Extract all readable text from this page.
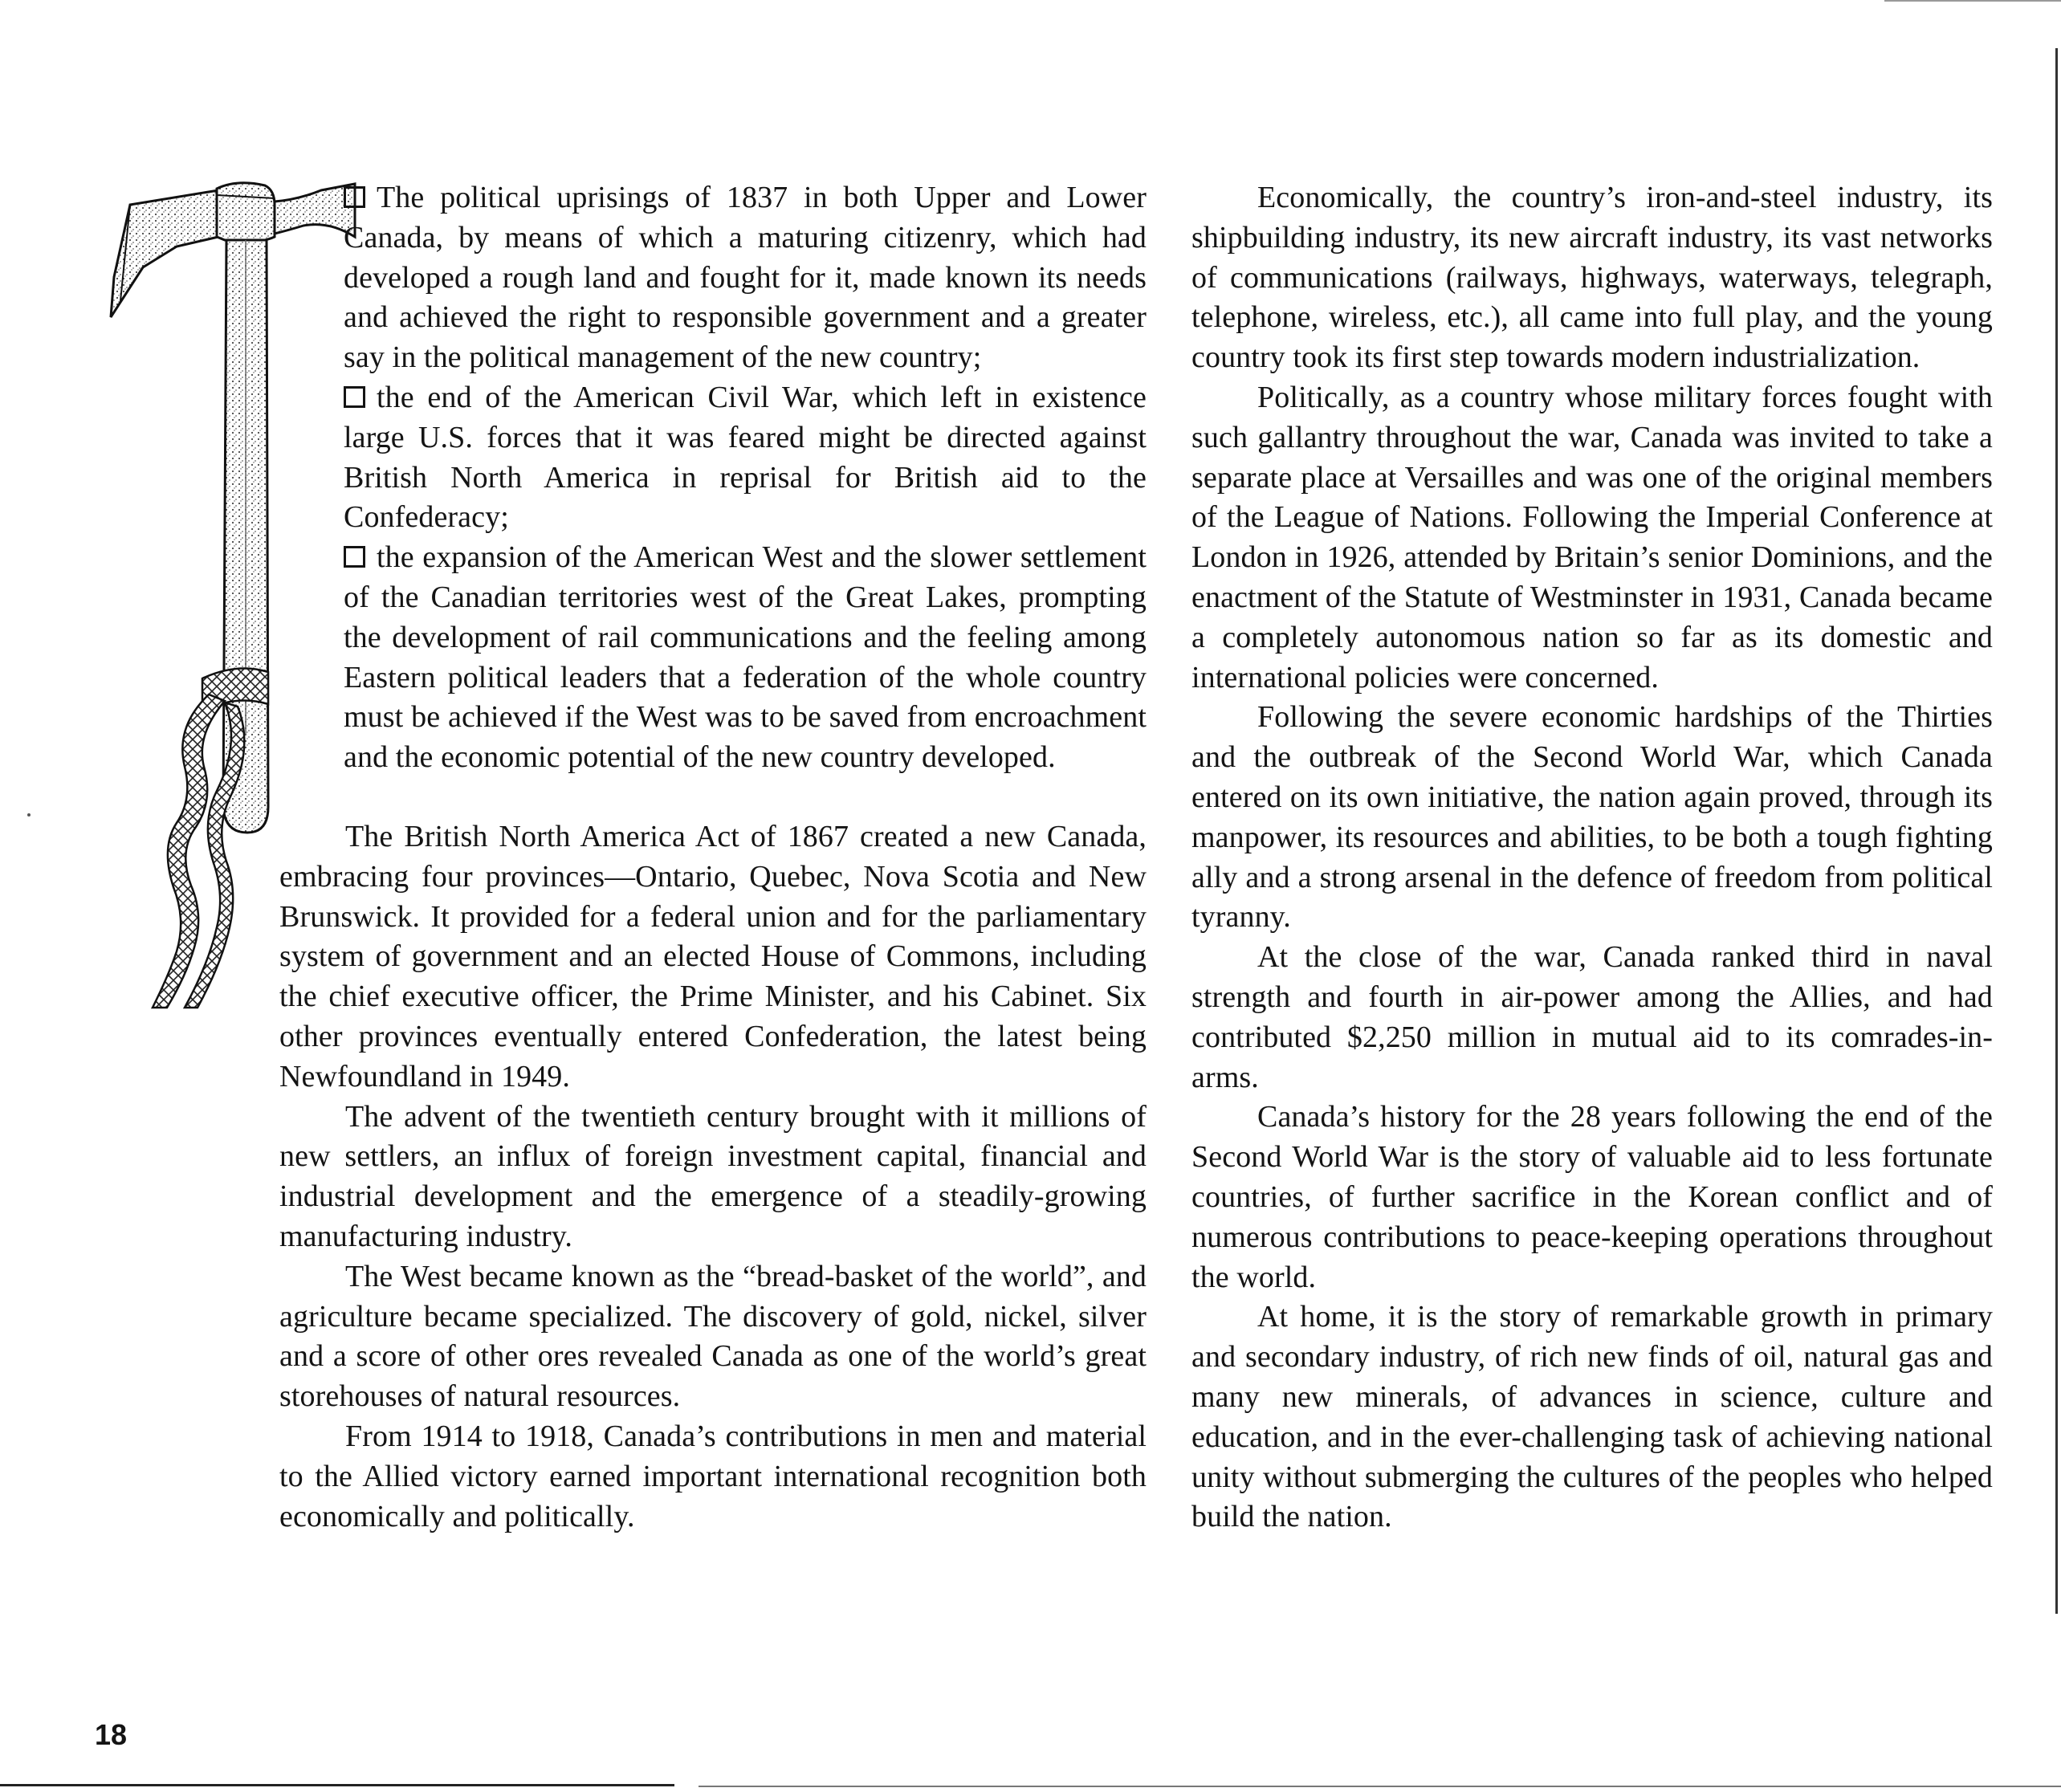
The political uprisings of 1837 in both Upper and Lower Canada, by means of which a maturing citizenry, which had developed a rough land and fought for it, made known its needs and achieved the right to responsible government and a greater say in the political management of the new country;

the end of the American Civil War, which left in existence large U.S. forces that it was feared might be directed against British North America in reprisal for British aid to the Confederacy;

the expansion of the American West and the slower settlement of the Canadian territories west of the Great Lakes, prompting the development of rail communications and the feeling among Eastern political leaders that a federation of the whole country must be achieved if the West was to be saved from encroachment and the economic potential of the new country developed.

The British North America Act of 1867 created a new Canada, embracing four provinces—Ontario, Quebec, Nova Scotia and New Brunswick. It provided for a federal union and for the parliamentary system of government and an elected House of Commons, including the chief executive officer, the Prime Minister, and his Cabinet. Six other provinces eventually entered Confederation, the latest being Newfoundland in 1949.

The advent of the twentieth century brought with it millions of new settlers, an influx of foreign investment capital, financial and industrial development and the emergence of a steadily-growing manufacturing industry.

The West became known as the “bread-basket of the world”, and agriculture became specialized. The discovery of gold, nickel, silver and a score of other ores revealed Canada as one of the world’s great storehouses of natural resources.

From 1914 to 1918, Canada’s contributions in men and material to the Allied victory earned important international recognition both economically and politically.

Economically, the country’s iron-and-steel industry, its shipbuilding industry, its new aircraft industry, its vast networks of communications (railways, highways, waterways, telegraph, telephone, wireless, etc.), all came into full play, and the young country took its first step towards modern industrialization.

Politically, as a country whose military forces fought with such gallantry throughout the war, Canada was invited to take a separate place at Versailles and was one of the original members of the League of Nations. Following the Imperial Conference at London in 1926, attended by Britain’s senior Dominions, and the enactment of the Statute of Westminster in 1931, Canada became a completely autonomous nation so far as its domestic and international policies were concerned.

Following the severe economic hardships of the Thirties and the outbreak of the Second World War, which Canada entered on its own initiative, the nation again proved, through its manpower, its resources and abilities, to be both a tough fighting ally and a strong arsenal in the defence of freedom from political tyranny.

At the close of the war, Canada ranked third in naval strength and fourth in air-power among the Allies, and had contributed $2,250 million in mutual aid to its comrades-in-arms.

Canada’s history for the 28 years following the end of the Second World War is the story of valuable aid to less fortunate countries, of further sacrifice in the Korean conflict and of numerous contributions to peace-keeping operations throughout the world.

At home, it is the story of remarkable growth in primary and secondary industry, of rich new finds of oil, natural gas and many new minerals, of advances in science, culture and education, and in the ever-challenging task of achieving national unity without submerging the cultures of the peoples who helped build the nation.

18
